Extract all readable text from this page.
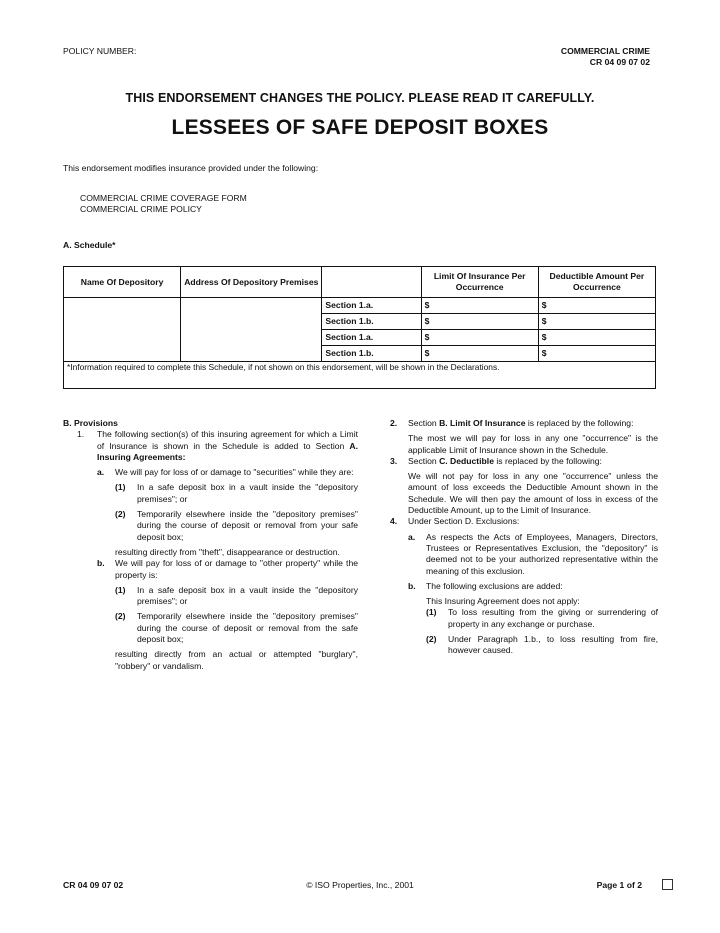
POLICY NUMBER:	COMMERCIAL CRIME
CR 04 09 07 02
THIS ENDORSEMENT CHANGES THE POLICY. PLEASE READ IT CAREFULLY.
LESSEES OF SAFE DEPOSIT BOXES
This endorsement modifies insurance provided under the following:
COMMERCIAL CRIME COVERAGE FORM
COMMERCIAL CRIME POLICY
A. Schedule*
Name Of Depository	Address Of Depository Premises		Limit Of Insurance Per Occurrence	Deductible Amount Per Occurrence
		Section 1.a.	$	$
		Section 1.b.	$	$
		Section 1.a.	$	$
		Section 1.b.	$	$
*Information required to complete this Schedule, if not shown on this endorsement, will be shown in the Declarations.				

B. Provisions

1.	The following section(s) of this insuring agreement for which a Limit of Insurance is shown in the Schedule is added to Section A. Insuring Agreements:
a.	We will pay for loss of or damage to "securities" while they are:
(1)	In a safe deposit box in a vault inside the "depository premises"; or
(2)	Temporarily elsewhere inside the "depository premises" during the course of deposit or removal from your safe deposit box;

resulting directly from "theft", disappearance or destruction.

b.	We will pay for loss of or damage to "other property" while the property is:
(1)	In a safe deposit box in a vault inside the "depository premises"; or
(2)	Temporarily elsewhere inside the "depository premises" during the course of deposit or removal from the safe deposit box;

resulting directly from an actual or attempted "burglary", "robbery" or vandalism.

2.	Section B. Limit Of Insurance is replaced by the following:

The most we will pay for loss in any one "occurrence" is the applicable Limit of Insurance shown in the Schedule.

3.	Section C. Deductible is replaced by the following:

We will not pay for loss in any one "occurrence" unless the amount of loss exceeds the Deductible Amount shown in the Schedule. We will then pay the amount of loss in excess of the Deductible Amount, up to the Limit of Insurance.

4.	Under Section D. Exclusions:
a.	As respects the Acts of Employees, Managers, Directors, Trustees or Representatives Exclusion, the "depository" is deemed not to be your authorized representative within the meaning of this exclusion.
b.	The following exclusions are added:

This Insuring Agreement does not apply:

(1)	To loss resulting from the giving or surrendering of property in any exchange or purchase.
(2)	Under Paragraph 1.b., to loss resulting from fire, however caused.
CR 04 09 07 02	© ISO Properties, Inc., 2001	Page 1 of 2
